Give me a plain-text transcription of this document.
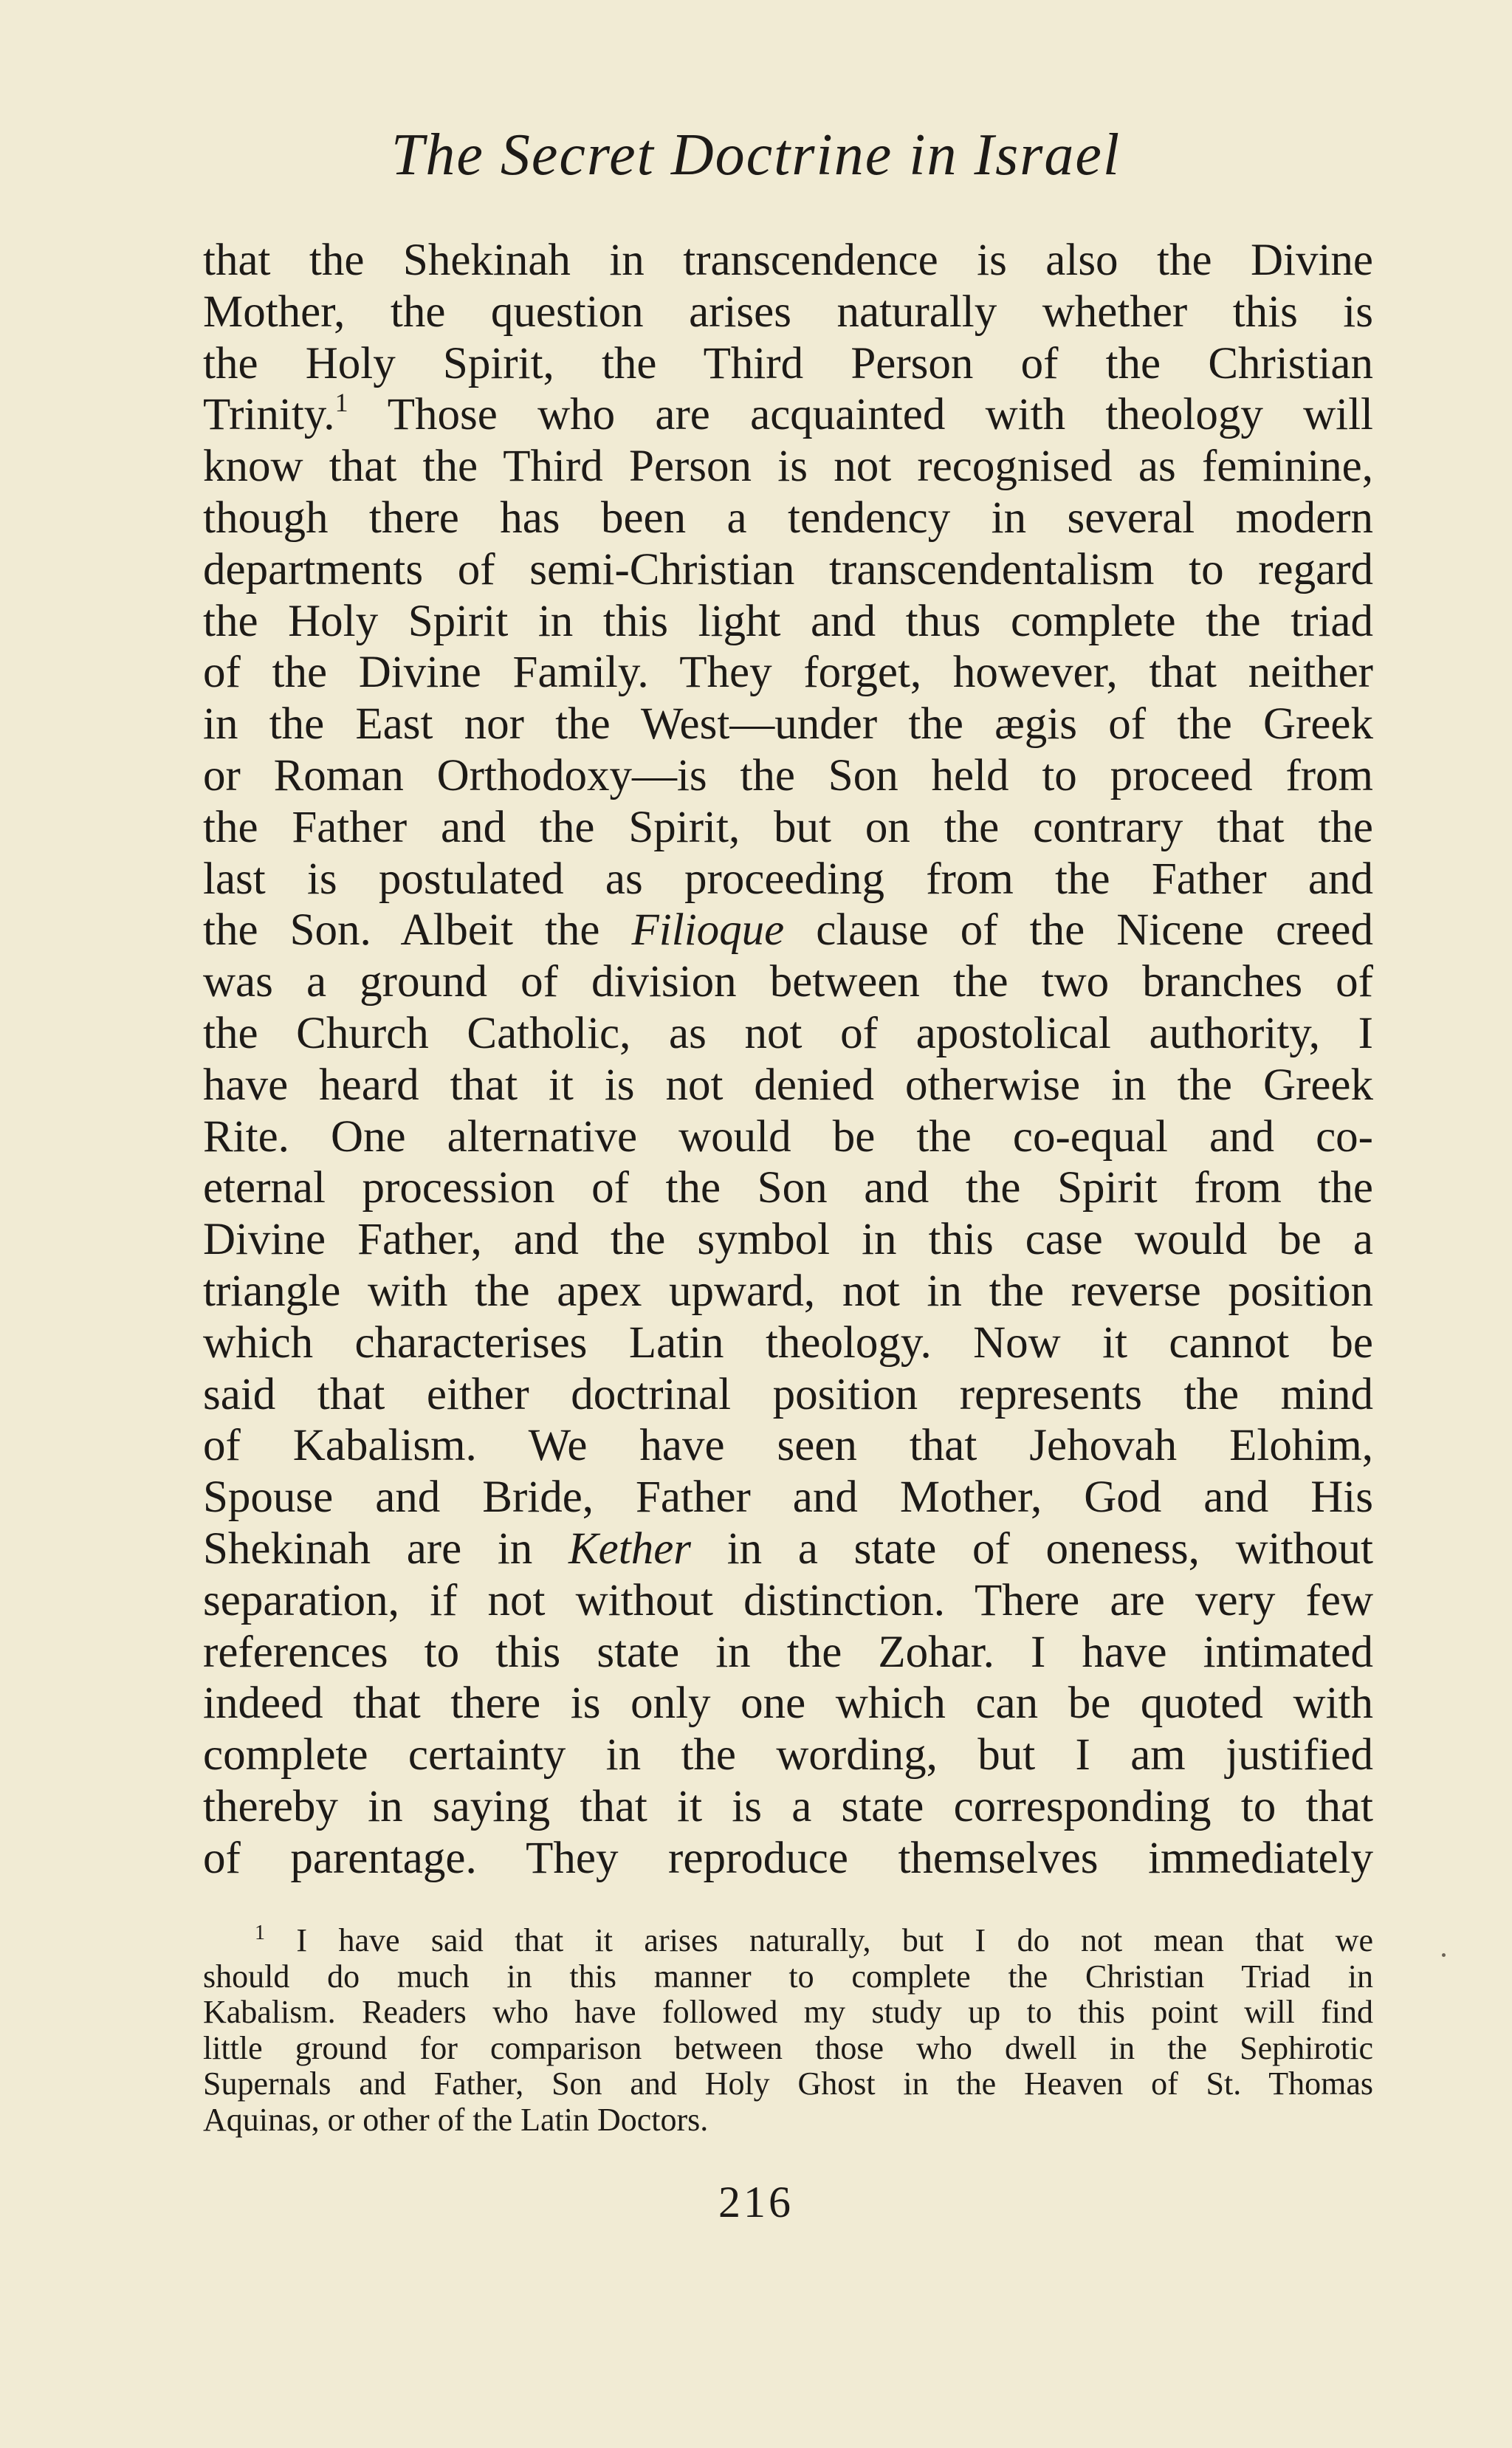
The Secret Doctrine in Israel
that the Shekinah in transcendence is also the Divine
Mother, the question arises naturally whether this is
the Holy Spirit, the Third Person of the Christian
Trinity.$^1$ Those who are acquainted with theology will
know that the Third Person is not recognised as feminine,
though there has been a tendency in several modern
departments of semi-Christian transcendentalism to regard
the Holy Spirit in this light and thus complete the triad
of the Divine Family. They forget, however, that neither
in the East nor the West—under the ægis of the Greek
or Roman Orthodoxy—is the Son held to proceed from
the Father and the Spirit, but on the contrary that the
last is postulated as proceeding from the Father and
the Son. Albeit the Filioque clause of the Nicene creed
was a ground of division between the two branches of
the Church Catholic, as not of apostolical authority, I
have heard that it is not denied otherwise in the Greek
Rite. One alternative would be the co-equal and co-
eternal procession of the Son and the Spirit from the
Divine Father, and the symbol in this case would be a
triangle with the apex upward, not in the reverse position
which characterises Latin theology. Now it cannot be
said that either doctrinal position represents the mind
of Kabalism. We have seen that Jehovah Elohim,
Spouse and Bride, Father and Mother, God and His
Shekinah are in Kether in a state of oneness, without
separation, if not without distinction. There are very few
references to this state in the Zohar. I have intimated
indeed that there is only one which can be quoted with
complete certainty in the wording, but I am justified
thereby in saying that it is a state corresponding to that
of parentage. They reproduce themselves immediately
$^1$ I have said that it arises naturally, but I do not mean that we
should do much in this manner to complete the Christian Triad in
Kabalism. Readers who have followed my study up to this point will find
little ground for comparison between those who dwell in the Sephirotic
Supernals and Father, Son and Holy Ghost in the Heaven of St. Thomas
Aquinas, or other of the Latin Doctors.
216
